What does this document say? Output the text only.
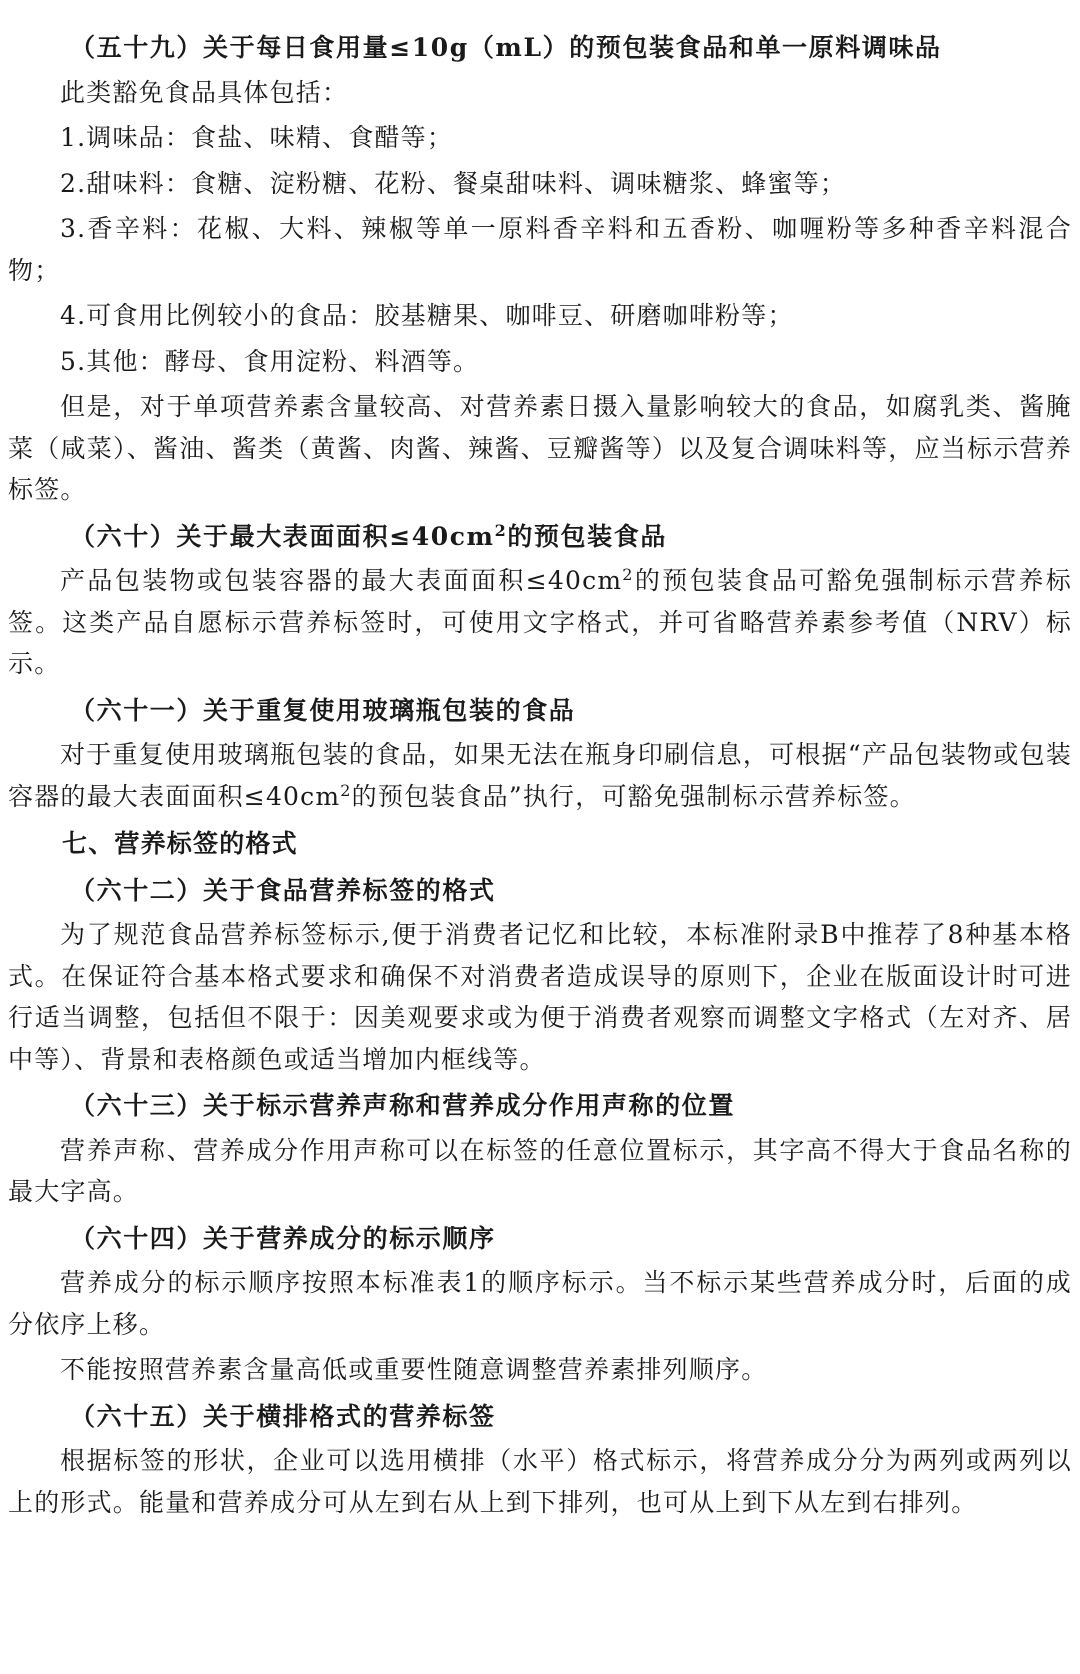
（五十九）关于每日食用量≤10g（mL）的预包装食品和单一原料调味品

此类豁免食品具体包括：

1.调味品：食盐、味精、食醋等；

2.甜味料：食糖、淀粉糖、花粉、餐桌甜味料、调味糖浆、蜂蜜等；

3.香辛料：花椒、大料、辣椒等单一原料香辛料和五香粉、咖喱粉等多种香辛料混合物；

4.可食用比例较小的食品：胶基糖果、咖啡豆、研磨咖啡粉等；

5.其他：酵母、食用淀粉、料酒等。

但是，对于单项营养素含量较高、对营养素日摄入量影响较大的食品，如腐乳类、酱腌菜（咸菜）、酱油、酱类（黄酱、肉酱、辣酱、豆瓣酱等）以及复合调味料等，应当标示营养标签。

（六十）关于最大表面面积$\le 40cm^2$的预包装食品

产品包装物或包装容器的最大表面面积$\le 40cm^2$的预包装食品可豁免强制标示营养标签。这类产品自愿标示营养标签时，可使用文字格式，并可省略营养素参考值（NRV）标示。

（六十一）关于重复使用玻璃瓶包装的食品

对于重复使用玻璃瓶包装的食品，如果无法在瓶身印刷信息，可根据“产品包装物或包装容器的最大表面面积$\le 40cm^2$的预包装食品”执行，可豁免强制标示营养标签。

七、营养标签的格式

（六十二）关于食品营养标签的格式

为了规范食品营养标签标示,便于消费者记忆和比较，本标准附录B中推荐了8种基本格式。在保证符合基本格式要求和确保不对消费者造成误导的原则下，企业在版面设计时可进行适当调整，包括但不限于：因美观要求或为便于消费者观察而调整文字格式（左对齐、居中等）、背景和表格颜色或适当增加内框线等。

（六十三）关于标示营养声称和营养成分作用声称的位置

营养声称、营养成分作用声称可以在标签的任意位置标示，其字高不得大于食品名称的最大字高。

（六十四）关于营养成分的标示顺序

营养成分的标示顺序按照本标准表1的顺序标示。当不标示某些营养成分时，后面的成分依序上移。

不能按照营养素含量高低或重要性随意调整营养素排列顺序。

（六十五）关于横排格式的营养标签

根据标签的形状，企业可以选用横排（水平）格式标示，将营养成分分为两列或两列以上的形式。能量和营养成分可从左到右从上到下排列，也可从上到下从左到右排列。
